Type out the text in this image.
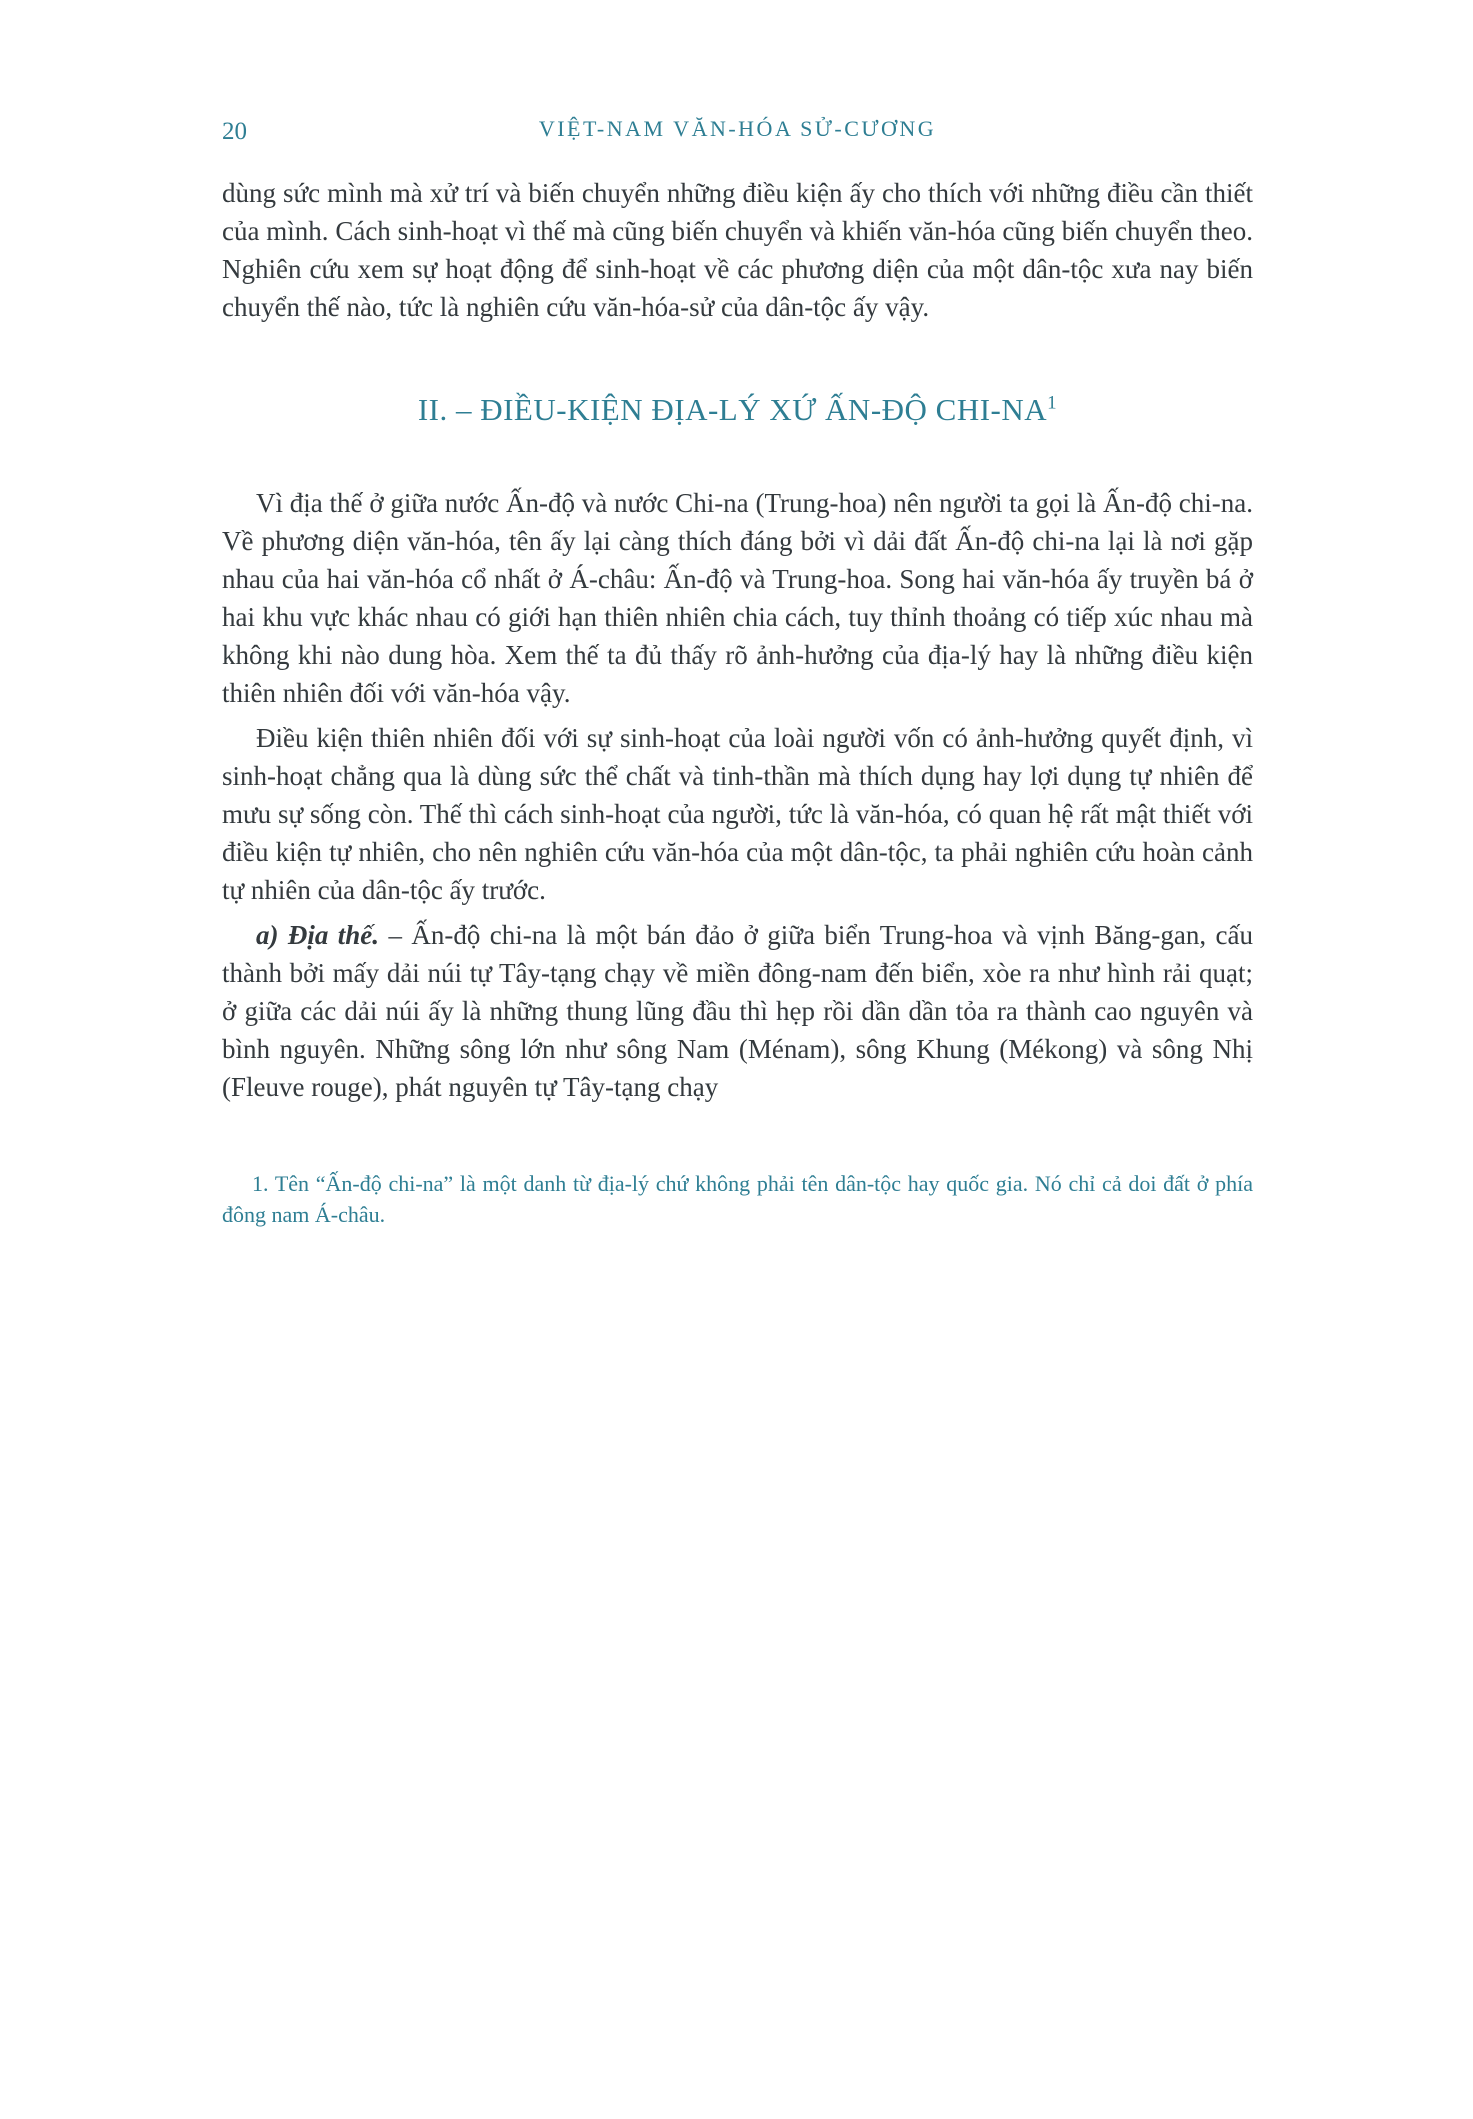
20	VIỆT-NAM VĂN-HÓA SỬ-CƯƠNG

dùng sức mình mà xử trí và biến chuyển những điều kiện ấy cho thích với những điều cần thiết của mình. Cách sinh-hoạt vì thế mà cũng biến chuyển và khiến văn-hóa cũng biến chuyển theo. Nghiên cứu xem sự hoạt động để sinh-hoạt về các phương diện của một dân-tộc xưa nay biến chuyển thế nào, tức là nghiên cứu văn-hóa-sử của dân-tộc ấy vậy.

II. – ĐIỀU-KIỆN ĐỊA-LÝ XỨ ẤN-ĐỘ CHI-$NA^1$

Vì địa thế ở giữa nước Ấn-độ và nước Chi-na (Trung-hoa) nên người ta gọi là Ấn-độ chi-na. Về phương diện văn-hóa, tên ấy lại càng thích đáng bởi vì dải đất Ấn-độ chi-na lại là nơi gặp nhau của hai văn-hóa cổ nhất ở Á-châu: Ấn-độ và Trung-hoa. Song hai văn-hóa ấy truyền bá ở hai khu vực khác nhau có giới hạn thiên nhiên chia cách, tuy thỉnh thoảng có tiếp xúc nhau mà không khi nào dung hòa. Xem thế ta đủ thấy rõ ảnh-hưởng của địa-lý hay là những điều kiện thiên nhiên đối với văn-hóa vậy.

Điều kiện thiên nhiên đối với sự sinh-hoạt của loài người vốn có ảnh-hưởng quyết định, vì sinh-hoạt chẳng qua là dùng sức thể chất và tinh-thần mà thích dụng hay lợi dụng tự nhiên để mưu sự sống còn. Thế thì cách sinh-hoạt của người, tức là văn-hóa, có quan hệ rất mật thiết với điều kiện tự nhiên, cho nên nghiên cứu văn-hóa của một dân-tộc, ta phải nghiên cứu hoàn cảnh tự nhiên của dân-tộc ấy trước.

a) Địa thế. – Ấn-độ chi-na là một bán đảo ở giữa biển Trung-hoa và vịnh Băng-gan, cấu thành bởi mấy dải núi tự Tây-tạng chạy về miền đông-nam đến biển, xòe ra như hình rải quạt; ở giữa các dải núi ấy là những thung lũng đầu thì hẹp rồi dần dần tỏa ra thành cao nguyên và bình nguyên. Những sông lớn như sông Nam (Ménam), sông Khung (Mékong) và sông Nhị (Fleuve rouge), phát nguyên tự Tây-tạng chạy

1. Tên “Ấn-độ chi-na” là một danh từ địa-lý chứ không phải tên dân-tộc hay quốc gia. Nó chỉ cả doi đất ở phía đông nam Á-châu.
